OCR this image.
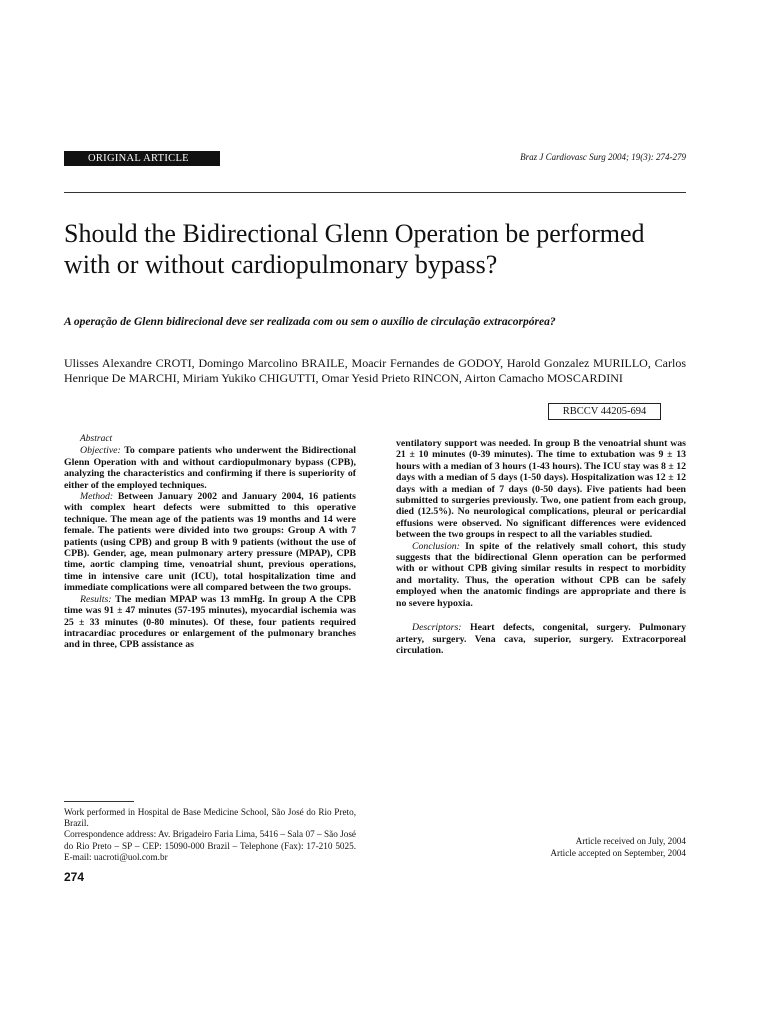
ORIGINAL ARTICLE	Braz J Cardiovasc Surg 2004; 19(3): 274-279
Should the Bidirectional Glenn Operation be performed with or without cardiopulmonary bypass?
A operação de Glenn bidirecional deve ser realizada com ou sem o auxílio de circulação extracorpórea?
Ulisses Alexandre CROTI, Domingo Marcolino BRAILE, Moacir Fernandes de GODOY, Harold Gonzalez MURILLO, Carlos Henrique De MARCHI, Miriam Yukiko CHIGUTTI, Omar Yesid Prieto RINCON, Airton Camacho MOSCARDINI
RBCCV 44205-694

Abstract

Objective: To compare patients who underwent the Bidirectional Glenn Operation with and without cardiopulmonary bypass (CPB), analyzing the characteristics and confirming if there is superiority of either of the employed techniques.

Method: Between January 2002 and January 2004, 16 patients with complex heart defects were submitted to this operative technique. The mean age of the patients was 19 months and 14 were female. The patients were divided into two groups: Group A with 7 patients (using CPB) and group B with 9 patients (without the use of CPB). Gender, age, mean pulmonary artery pressure (MPAP), CPB time, aortic clamping time, venoatrial shunt, previous operations, time in intensive care unit (ICU), total hospitalization time and immediate complications were all compared between the two groups.

Results: The median MPAP was 13 mmHg. In group A the CPB time was 91 ± 47 minutes (57-195 minutes), myocardial ischemia was 25 ± 33 minutes (0-80 minutes). Of these, four patients required intracardiac procedures or enlargement of the pulmonary branches and in three, CPB assistance as

ventilatory support was needed. In group B the venoatrial shunt was 21 ± 10 minutes (0-39 minutes). The time to extubation was 9 ± 13 hours with a median of 3 hours (1-43 hours). The ICU stay was 8 ± 12 days with a median of 5 days (1-50 days). Hospitalization was 12 ± 12 days with a median of 7 days (0-50 days). Five patients had been submitted to surgeries previously. Two, one patient from each group, died (12.5%). No neurological complications, pleural or pericardial effusions were observed. No significant differences were evidenced between the two groups in respect to all the variables studied.

Conclusion: In spite of the relatively small cohort, this study suggests that the bidirectional Glenn operation can be performed with or without CPB giving similar results in respect to morbidity and mortality. Thus, the operation without CPB can be safely employed when the anatomic findings are appropriate and there is no severe hypoxia.

Descriptors: Heart defects, congenital, surgery. Pulmonary artery, surgery. Vena cava, superior, surgery. Extracorporeal circulation.

Work performed in Hospital de Base Medicine School, São José do Rio Preto, Brazil.

Correspondence address: Av. Brigadeiro Faria Lima, 5416 – Sala 07 – São José do Rio Preto – SP – CEP: 15090-000 Brazil – Telephone (Fax): 17-210 5025. E-mail: uacroti@uol.com.br

Article received on July, 2004

Article accepted on September, 2004

274
